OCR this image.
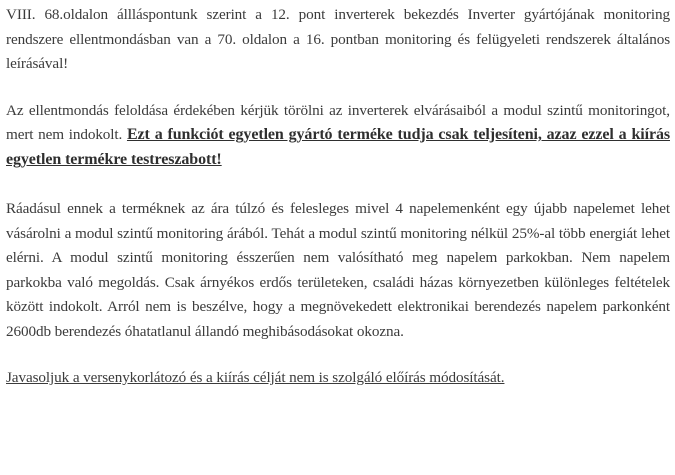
VIII. 68.oldalon állláspontunk szerint a 12. pont inverterek bekezdés Inverter gyártójának monitoring rendszere ellentmondásban van a 70. oldalon a 16. pontban monitoring és felügyeleti rendszerek általános leírásával!

Az ellentmondás feloldása érdekében kérjük törölni az inverterek elvárásaiból a modul szintű monitoringot, mert nem indokolt. Ezt a funkciót egyetlen gyártó terméke tudja csak teljesíteni, azaz ezzel a kiírás egyetlen termékre testreszabott!

Ráadásul ennek a terméknek az ára túlzó és felesleges mivel 4 napelemenként egy újabb napelemet lehet vásárolni a modul szintű monitoring árából. Tehát a modul szintű monitoring nélkül 25%-al több energiát lehet elérni. A modul szintű monitoring ésszerűen nem valósítható meg napelem parkokban. Nem napelem parkokba való megoldás. Csak árnyékos erdős területeken, családi házas környezetben különleges feltételek között indokolt. Arról nem is beszélve, hogy a megnövekedett elektronikai berendezés napelem parkonként 2600db berendezés óhatatlanul állandó meghibásodásokat okozna.

Javasoljuk a versenykorlátozó és a kiírás célját nem is szolgáló előírás módosítását.
